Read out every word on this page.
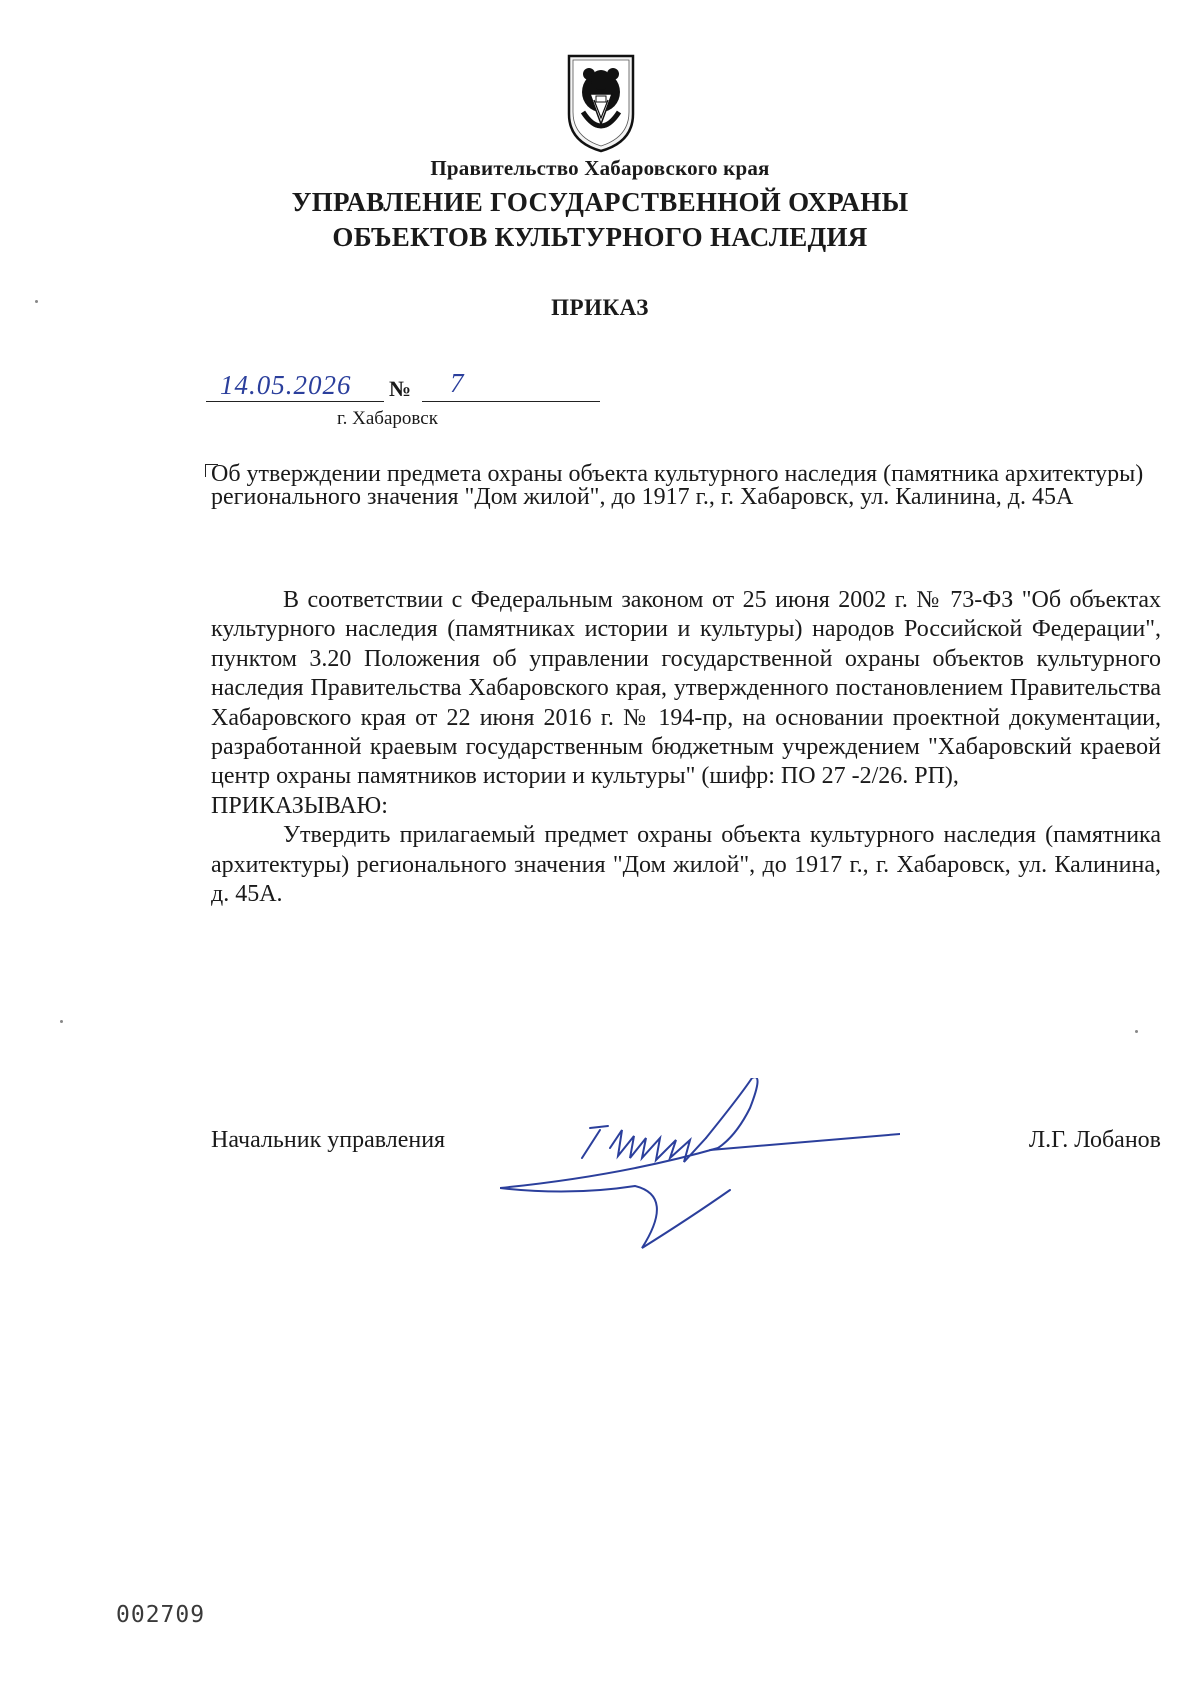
Правительство Хабаровского края
УПРАВЛЕНИЕ ГОСУДАРСТВЕННОЙ ОХРАНЫ
ОБЪЕКТОВ КУЛЬТУРНОГО НАСЛЕДИЯ
ПРИКАЗ
14.05.2026 № 7
г. Хабаровск
Об утверждении предмета охраны объекта культурного наследия (памятника архитектуры) регионального значения "Дом жилой", до 1917 г., г. Хабаровск, ул. Калинина, д. 45А

В соответствии с Федеральным законом от 25 июня 2002 г. № 73-ФЗ "Об объектах культурного наследия (памятниках истории и культуры) народов Российской Федерации", пунктом 3.20 Положения об управлении государственной охраны объектов культурного наследия Правительства Хабаровского края, утвержденного постановлением Правительства Хабаровского края от 22 июня 2016 г. № 194-пр, на основании проектной документации, разработанной краевым государственным бюджетным учреждением "Хабаровский краевой центр охраны памятников истории и культуры" (шифр: ПО 27 -2/26. РП),

ПРИКАЗЫВАЮ:

Утвердить прилагаемый предмет охраны объекта культурного наследия (памятника архитектуры) регионального значения "Дом жилой", до 1917 г., г. Хабаровск, ул. Калинина, д. 45А.

Начальник управления	Л.Г. Лобанов
002709
